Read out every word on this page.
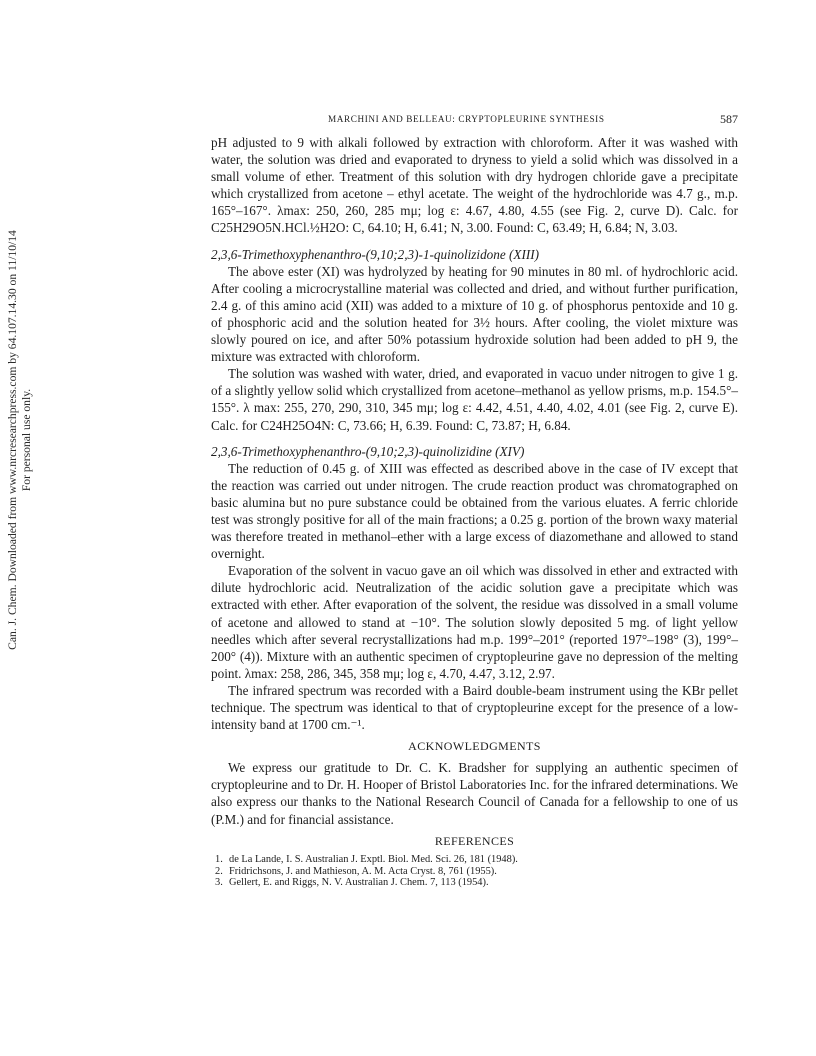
Can. J. Chem. Downloaded from www.nrcresearchpress.com by 64.107.14.30 on 11/10/14 For personal use only.
MARCHINI AND BELLEAU: CRYPTOPLEURINE SYNTHESIS	587

pH adjusted to 9 with alkali followed by extraction with chloroform. After it was washed with water, the solution was dried and evaporated to dryness to yield a solid which was dissolved in a small volume of ether. Treatment of this solution with dry hydrogen chloride gave a precipitate which crystallized from acetone – ethyl acetate. The weight of the hydrochloride was 4.7 g., m.p. 165°–167°. λmax: 250, 260, 285 mμ; log ε: 4.67, 4.80, 4.55 (see Fig. 2, curve D). Calc. for C25H29O5N.HCl.½H2O: C, 64.10; H, 6.41; N, 3.00. Found: C, 63.49; H, 6.84; N, 3.03.

2,3,6-Trimethoxyphenanthro-(9,10;2,3)-1-quinolizidone (XIII)

The above ester (XI) was hydrolyzed by heating for 90 minutes in 80 ml. of hydrochloric acid. After cooling a microcrystalline material was collected and dried, and without further purification, 2.4 g. of this amino acid (XII) was added to a mixture of 10 g. of phosphorus pentoxide and 10 g. of phosphoric acid and the solution heated for 3½ hours. After cooling, the violet mixture was slowly poured on ice, and after 50% potassium hydroxide solution had been added to pH 9, the mixture was extracted with chloroform.

The solution was washed with water, dried, and evaporated in vacuo under nitrogen to give 1 g. of a slightly yellow solid which crystallized from acetone–methanol as yellow prisms, m.p. 154.5°–155°. λ max: 255, 270, 290, 310, 345 mμ; log ε: 4.42, 4.51, 4.40, 4.02, 4.01 (see Fig. 2, curve E). Calc. for C24H25O4N: C, 73.66; H, 6.39. Found: C, 73.87; H, 6.84.

2,3,6-Trimethoxyphenanthro-(9,10;2,3)-quinolizidine (XIV)

The reduction of 0.45 g. of XIII was effected as described above in the case of IV except that the reaction was carried out under nitrogen. The crude reaction product was chromatographed on basic alumina but no pure substance could be obtained from the various eluates. A ferric chloride test was strongly positive for all of the main fractions; a 0.25 g. portion of the brown waxy material was therefore treated in methanol–ether with a large excess of diazomethane and allowed to stand overnight.

Evaporation of the solvent in vacuo gave an oil which was dissolved in ether and extracted with dilute hydrochloric acid. Neutralization of the acidic solution gave a precipitate which was extracted with ether. After evaporation of the solvent, the residue was dissolved in a small volume of acetone and allowed to stand at −10°. The solution slowly deposited 5 mg. of light yellow needles which after several recrystallizations had m.p. 199°–201° (reported 197°–198° (3), 199°–200° (4)). Mixture with an authentic specimen of cryptopleurine gave no depression of the melting point. λmax: 258, 286, 345, 358 mμ; log ε, 4.70, 4.47, 3.12, 2.97.

The infrared spectrum was recorded with a Baird double-beam instrument using the KBr pellet technique. The spectrum was identical to that of cryptopleurine except for the presence of a low-intensity band at 1700 cm.⁻¹.

ACKNOWLEDGMENTS

We express our gratitude to Dr. C. K. Bradsher for supplying an authentic specimen of cryptopleurine and to Dr. H. Hooper of Bristol Laboratories Inc. for the infrared determinations. We also express our thanks to the National Research Council of Canada for a fellowship to one of us (P.M.) and for financial assistance.

REFERENCES

1. de La Lande, I. S. Australian J. Exptl. Biol. Med. Sci. 26, 181 (1948).
2. Fridrichsons, J. and Mathieson, A. M. Acta Cryst. 8, 761 (1955).
3. Gellert, E. and Riggs, N. V. Australian J. Chem. 7, 113 (1954).
